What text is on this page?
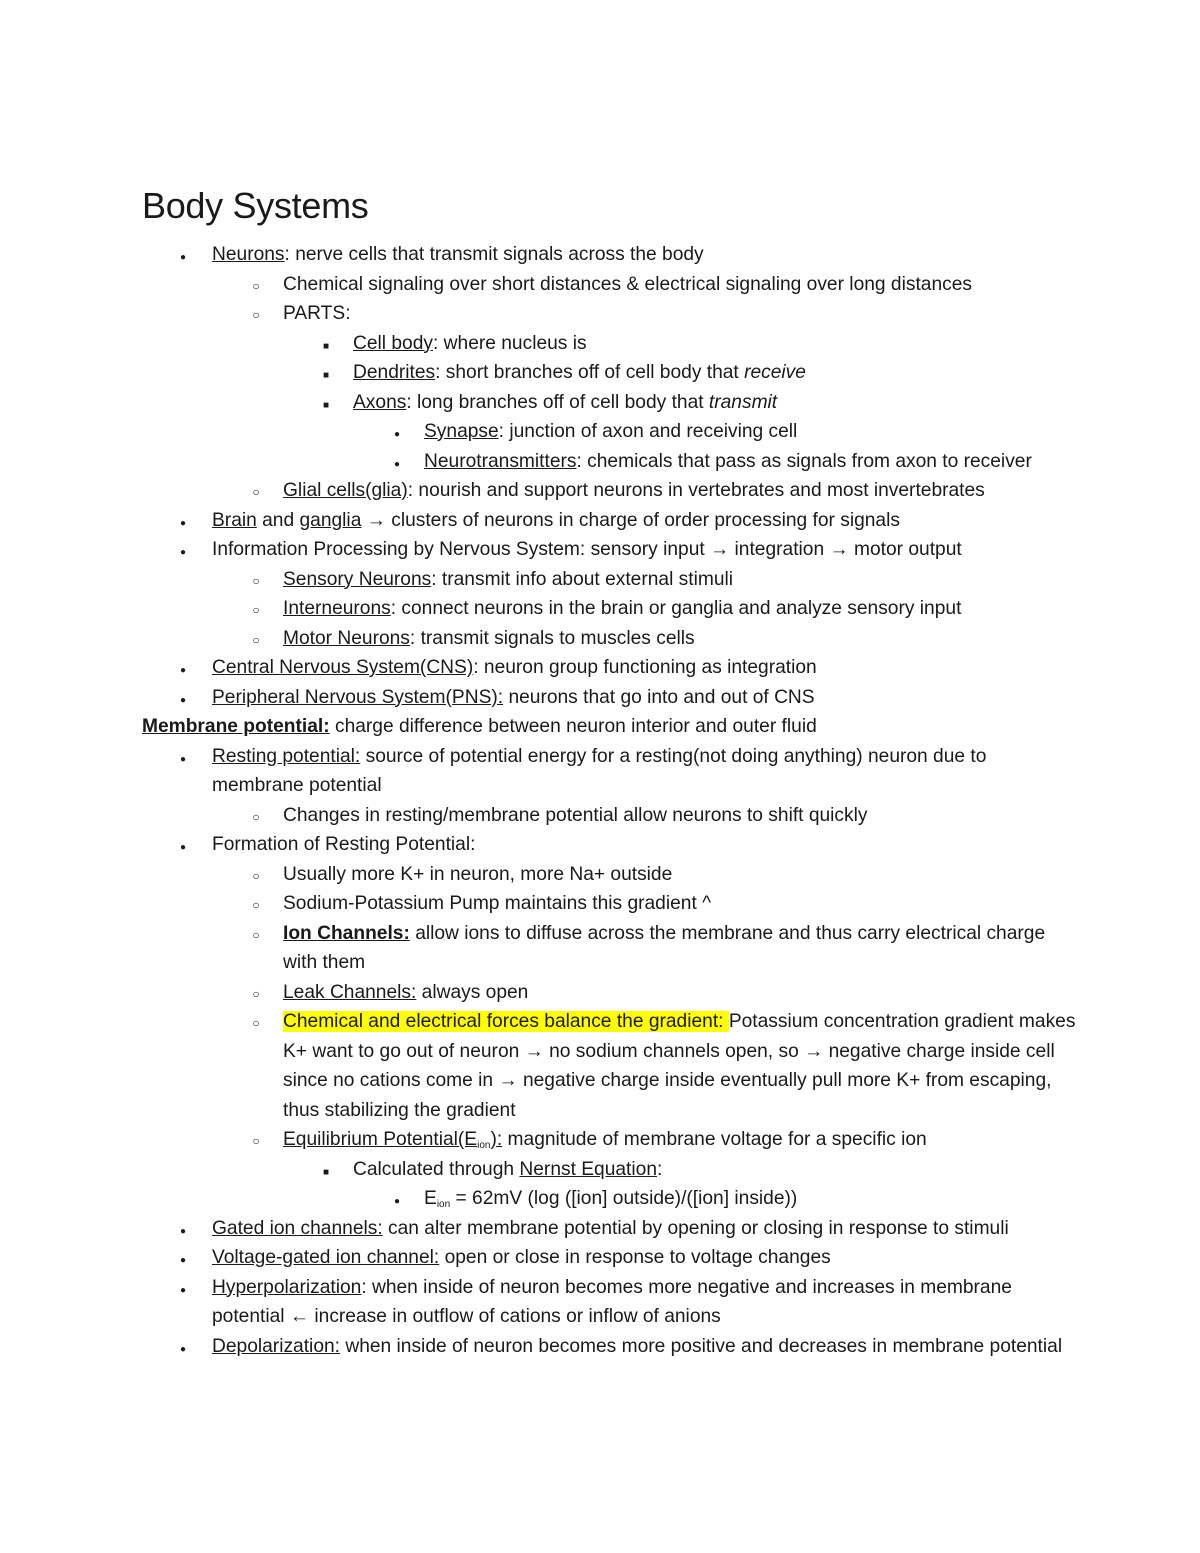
Body Systems
●
Neurons: nerve cells that transmit signals across the body
○
Chemical signaling over short distances & electrical signaling over long distances
○
PARTS:
■
Cell body: where nucleus is
■
Dendrites: short branches off of cell body that receive
■
Axons: long branches off of cell body that transmit
●
Synapse: junction of axon and receiving cell
●
Neurotransmitters: chemicals that pass as signals from axon to receiver
○
Glial cells(glia): nourish and support neurons in vertebrates and most invertebrates
●
Brain and ganglia → clusters of neurons in charge of order processing for signals
●
Information Processing by Nervous System: sensory input → integration → motor output
○
Sensory Neurons: transmit info about external stimuli
○
Interneurons: connect neurons in the brain or ganglia and analyze sensory input
○
Motor Neurons: transmit signals to muscles cells
●
Central Nervous System(CNS): neuron group functioning as integration
●
Peripheral Nervous System(PNS): neurons that go into and out of CNS
Membrane potential: charge difference between neuron interior and outer fluid
●
Resting potential: source of potential energy for a resting(not doing anything) neuron due to membrane potential
○
Changes in resting/membrane potential allow neurons to shift quickly
●
Formation of Resting Potential:
○
Usually more K+ in neuron, more Na+ outside
○
Sodium-Potassium Pump maintains this gradient ^
○
Ion Channels: allow ions to diffuse across the membrane and thus carry electrical charge with them
○
Leak Channels: always open
○
Chemical and electrical forces balance the gradient: Potassium concentration gradient makes K+ want to go out of neuron → no sodium channels open, so → negative charge inside cell since no cations come in → negative charge inside eventually pull more K+ from escaping, thus stabilizing the gradient
○
Equilibrium $Potential(E_{ion})$: magnitude of membrane voltage for a specific ion
■
Calculated through Nernst Equation:
●
$E_{ion} = 62mV$ (log ([ion] outside)/([ion] inside))
●
Gated ion channels: can alter membrane potential by opening or closing in response to stimuli
●
Voltage-gated ion channel: open or close in response to voltage changes
●
Hyperpolarization: when inside of neuron becomes more negative and increases in membrane potential ← increase in outflow of cations or inflow of anions
●
Depolarization: when inside of neuron becomes more positive and decreases in membrane potential
